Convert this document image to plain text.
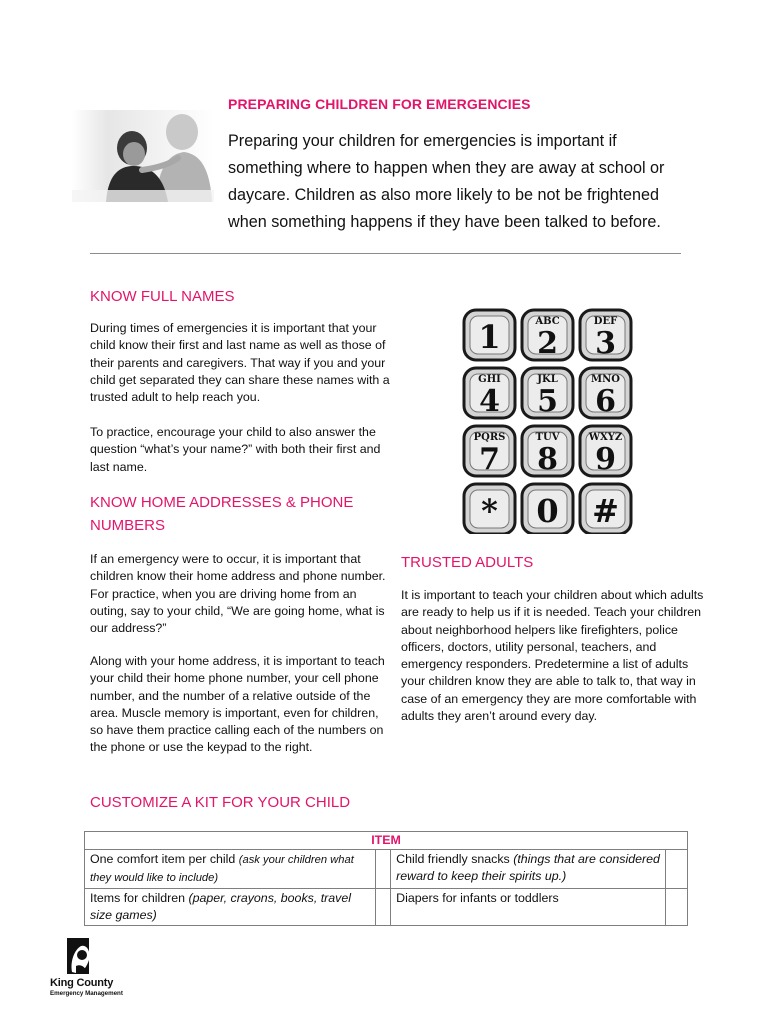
PREPARING CHILDREN FOR EMERGENCIES
Preparing your children for emergencies is important if something where to happen when they are away at school or daycare. Children as also more likely to be not be frightened when something happens if they have been talked to before.
KNOW FULL NAMES
During times of emergencies it is important that your child know their first and last name as well as those of their parents and caregivers. That way if you and your child get separated they can share these names with a trusted adult to help reach you.
To practice, encourage your child to also answer the question “what’s your name?” with both their first and last name.
KNOW HOME ADDRESSES & PHONE NUMBERS
If an emergency were to occur, it is important that children know their home address and phone number. For practice, when you are driving home from an outing, say to your child, “We are going home, what is our address?”
Along with your home address, it is important to teach your child their home phone number, your cell phone number, and the number of a relative outside of the area. Muscle memory is important, even for children, so have them practice calling each of the numbers on the phone or use the keypad to the right.
1	ABC
2
DEF
3
GHI
4
JKL
5
MNO
6
PQRS
7
TUV
8
WXYZ
9
* 0 #
TRUSTED ADULTS
It is important to teach your children about which adults are ready to help us if it is needed. Teach your children about neighborhood helpers like firefighters, police officers, doctors, utility personal, teachers, and emergency responders. Predetermine a list of adults your children know they are able to talk to, that way in case of an emergency they are more comfortable with adults they aren’t around every day.
CUSTOMIZE A KIT FOR YOUR CHILD
ITEM			
One comfort item per child (ask your children what they would like to include)		Child friendly snacks (things that are considered reward to keep their spirits up.)	
Items for children (paper, crayons, books, travel size games)		Diapers for infants or toddlers	
King County
Emergency Management
